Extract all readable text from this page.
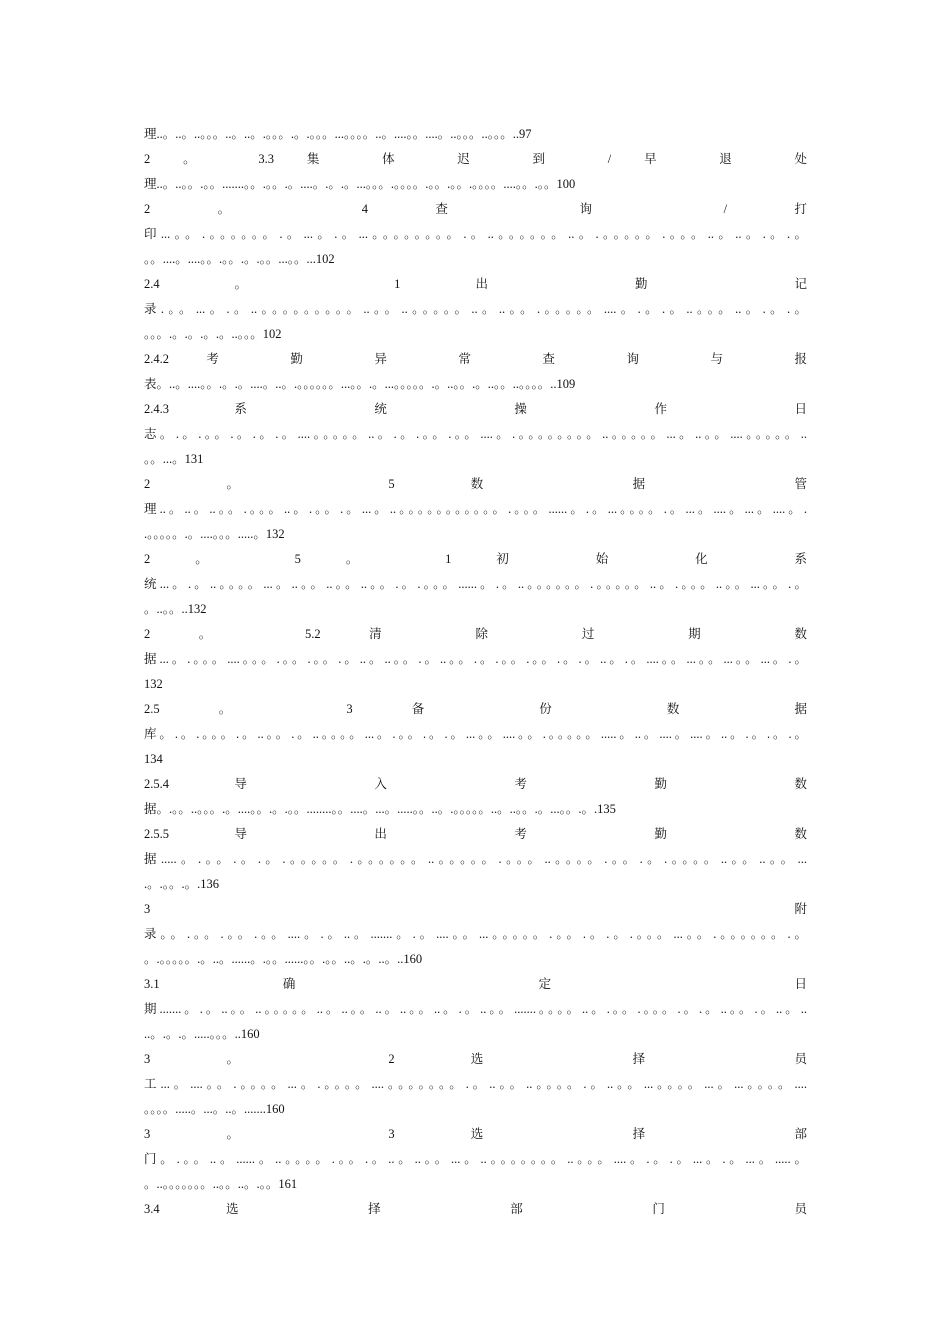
理..。..。..。。。..。..。.。。。.。.。。。...。。。。..。....。。....。..。。。..。。。..97
2 。 3.3 集 体 迟 到 / 早 退 处
理..。..。。.。。.......。。.。。.。....。.。.。...。。。.。。。。.。。.。。.。。。。....。。.。。100
2 。 4 查 询 / 打
印...。。.。。。。。。.。...。.。...。。。。。。。。.。..。。。。。。..。.。。。。。.。。。..。..。.。.。
。。....。....。。.。。.。.。。...。。...102
2.4 。 1 出 勤 记
录.。。...。.。..。。。。。。。。。..。。..。。。。。..。..。。.。。。。。....。.。.。..。。。..。.。.。
。。。.。.。.。.。..。。。102
2.4.2 考 勤 异 常 查 询 与 报
表。..。....。。.。.。....。..。.。。。。。。...。。.。...。。。。。.。..。。.。..。。..。。。。..109
2.4.3 系 统 操 作 日
志。.。.。。.。.。.。....。。。。。..。.。.。。.。。....。.。。。。。。。。..。。。。。...。..。。....。。。。。..
。。...。131
2 。 5 数 据 管
理..。..。..。。.。。。..。.。。.。...。..。。。。。。。。。。。.。。。......。.。...。。。。.。...。....。...。....。.
.。。。。。.。....。。。.....。132
2 。 5 。 1 初 始 化 系
统...。.。..。。。。...。..。。..。。..。。.。.。。。......。.。..。。。。。。.。。。。。..。.。。。..。。...。。.。
。..。。..132
2 。 5.2 清 除 过 期 数
据...。.。。。....。。。.。。.。。.。..。..。。.。..。。.。.。。.。。.。.。..。.。....。。...。。...。。...。.。
132
2.5 。 3 备 份 数 据
库。.。.。。。.。..。。.。..。。。。...。.。。.。.。...。。....。。.。。。。。.....。..。....。....。..。.。.。.。
134
2.5.4 导 入 考 勤 数
据。.。。..。。。.。....。。.。.。。........。。....。...。.....。。..。.。。。。。..。..。。.。...。。.。.135
2.5.5 导 出 考 勤 数
据.....。.。。.。.。.。。。。。.。。。。。。..。。。。。.。。。..。。。。.。。.。.。。。。..。。..。。...
.。.。。.。.136
3 附
录。。.。。.。。.。。....。.。..。.......。.。....。。...。。。。。.。。.。.。.。。。...。。.。。。。。。.。
。.。。。。。.。..。......。.。。......。。.。。..。.。..。..160
3.1 确 定 日
期.......。.。..。。..。。。。。..。..。。..。..。。..。.。..。。.......。。。。..。.。。.。。。.。.。..。。.。..。..
..。.。.。.....。。。..160
3 。 2 选 择 员
工...。....。。.。。。。...。.。。。。....。。。。。。。.。..。。..。。。。.。..。。...。。。。...。...。。。。....
。。。。.....。...。..。.......160
3 。 3 选 择 部
门。.。。..。......。..。。。。.。。.。..。..。。...。..。。。。。。。..。。。....。.。.。...。.。...。.....。
。..。。。。。。。..。。..。.。。161
3.4 选 择 部 门 员
